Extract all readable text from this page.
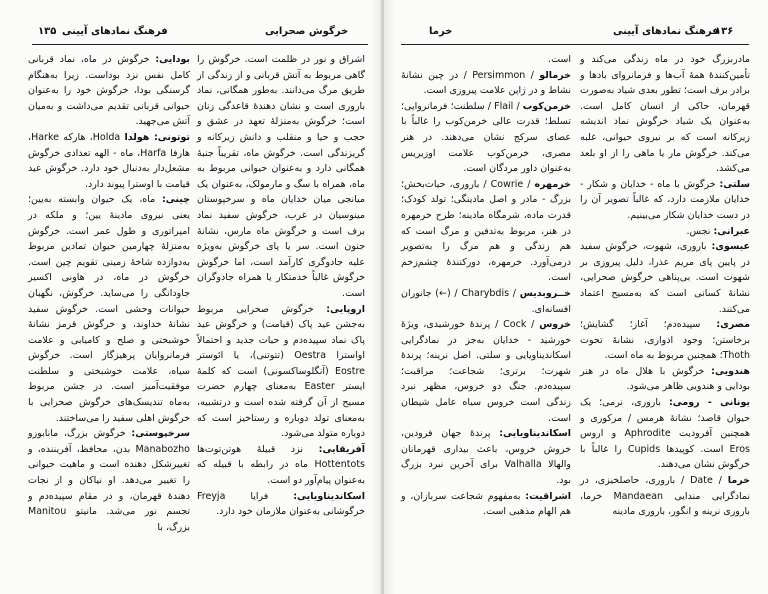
۱۳۵ فرهنگ نمادهای آیینی	خرگوش صحرایی

اشراق و نور در ظلمت است. خرگوش را گاهی مربوط به آتش قربانی و از زندگی از طریق مرگ می‌دانند. به‌طور همگانی، نماد باروری است و نشان دهندهٔ قاعدگی زنان است؛ خرگوش به‌منزلهٔ تعهد در عشق و حجب و حیا و منقلب و دانش زیرکانه و گریزندگی است. خرگوش ماه، تقریباً جنبهٔ همگانی دارد و به‌عنوان حیوانی مربوط به ماه، همراه با سگ و مارمولک، به‌عنوان یک میانجی میان خدایان ماه و سرخپوستان مینوسیان در غرب، خرگوش سفید نماد برف است و خرگوش ماه مارس، نشانهٔ جنون است. سر یا پای خرگوش به‌ویژه علیه جادوگری کارآمد است، اما خرگوش خرگوش غالباً خدمتکار یا همراه جادوگران است.

اروپایی: خرگوش صحرایی مربوط به‌جشن عید پاک (قیامت) و خرگوش عید پاک نماد سپیده‌دم و حیات جدید و احتمالاً اواسترا Oestra (تتوتنی)، یا ائوستر Eostre (آنگلوساکسونی) است که کلمهٔ ایستر Easter به‌معنای چهارم حضرت مسیح از آن گرفته شده است و درتشبیه، به‌معنای تولد دوباره و رستاخیز است که دوباره متولد می‌شود.

آفریقایی: نزد قبیلهٔ هوتن‌توت‌ها Hottentots ماه در رابطه با قبیله که به‌عنوان پیام‌آور دو است.

اسکاندیناویایی: فرایا Freyja خرگوشانی به‌عنوان ملازمان خود دارد.

بودایی: خرگوش در ماه، نماد قربانی کامل نفس نزد بوداست. زیرا به‌هنگام گرسنگی بودا، خرگوش خود را به‌عنوان حیوانی قربانی تقدیم می‌داشت و به‌میان آتش می‌جهید.

توتونی: هولدا Holda، هارکه Harke، هارفا Harfa، ماه - الهه تعدادی خرگوش مشعل‌دار به‌دنبال خود دارد. خرگوش عید قیامت با اوسترا پیوند دارد.

چینی: ماه، یک حیوان وابسته به‌یین؛ یعنی نیروی مادینهٔ یین؛ و ملکه در امپراتوری و طول عمر است. خرگوش به‌منزلهٔ چهارمین حیوان تمادین مربوط به‌دوازده شاخهٔ زمینی تقویم چین است. خرگوش در ماه، در هاونی اکسیر جاودانگی را می‌ساید. خرگوش، نگهبان حیوانات وحشی است. خرگوش سفید نشانهٔ خداوند، و خرگوش قرمز نشانهٔ خوشبختی و صلح و کامیابی و علامت فرمانروایان پرهیزگار است. خرگوش سیاه، علامت خوشبختی و سلطنت موفقیت‌آمیز است. در جشن مربوط به‌ماه تندیسک‌های خرگوش صحرایی با خرگوش اهلی سفید را می‌ساختند.

سرخپوستی: خرگوش بزرگ، مانابوزو Manabozho بدن، محافظ، آفریننده، و تغییرشکل دهنده است و ماهیت حیوانی را تغییر می‌دهد. او نیاکان و از نجات دهندهٔ قهرمان، و در مقام سپیده‌دم و تجسم نور می‌شد. مانیتو Manitou بزرگ، با

خرما	فرهنگ نمادهای آیینی
۱۳۶

مادربزرگ خود در ماه زندگی می‌کند و تأمین‌کنندهٔ همهٔ آب‌ها و فرمانروای بادها و برادر برف است؛ تطور بعدی شیاد به‌صورت قهرمان، حاکی از انسان کامل است. به‌عنوان یک شیاد خرگوش نماد اندیشه زیرکانه است که بر نیروی حیوانی، غلبه می‌کند. خرگوش مار یا ماهی را از او بلعد می‌کشد.

سلتی: خرگوش با ماه - خدایان و شکار - خدایان ملازمت دارد، که غالباً تصویر آن را در دست خدایان شکار می‌بینیم.

عبرانی: نجس.

عیسوی: باروری، شهوت، خرگوش سفید در پایین پای مریم عذرا، دلیل پیروزی بر شهوت است. بی‌پناهی خرگوش صحرایی، نشانهٔ کسانی است که به‌مسیح اعتماد می‌کنند.

مصری: سپیده‌دم؛ آغاز؛ گشایش؛ برخاستن؛ وجود ادواری، نشانهٔ تحوت Thoth؛ همچنین مربوط به ماه است.

هندویی: خرگوش با هلال ماه در هنر بودایی و هندویی ظاهر می‌شود.

یونانی - رومی: باروری، نرمی؛ یک حیوان قاصد؛ نشانهٔ هرمس / مرکوری و همچنین آفرودیت Aphrodite و اروس Eros است. کوپیدها Cupids را غالباً با خرگوش نشان می‌دهند.

خرما / Date / باروری، حاصلخیزی، در نمادگرایی مندایی Mandaean خرما، باروری نرینه و انگور، باروری مادینه

است.

خرمالو / Persimmon / در چین نشانهٔ نشاط و در ژاپن علامت پیروزی است.

خرمن‌کوب / Flail / سلطنت؛ فرمانروایی؛ تسلط؛ قدرت عالی خرمن‌کوب را غالباً با عصای سرکج نشان می‌دهند. در هنر مصری، خرمن‌کوب علامت اوزیریس به‌عنوان داور مردگان است.

خرمهره / Cowrie / باروری، حیات‌بخش؛ بزرگ - مادر و اصل مادینگی؛ تولد کودک؛ قدرت ماده، شرمگاه مادینه؛ طرح خرمهره در هنر، مربوط به‌تدفین و مرگ است که هم زندگی و هم مرگ را به‌تصویر درمی‌آورد. خرمهره، دورکنندهٔ چشم‌زخم است.

خــروبدیس / Charybdis / (←) جانوران افسانه‌ای.

خروس / Cock / پرندهٔ خورشیدی، ویژهٔ خورشید - خدایان به‌جز در نمادگرایی اسکاندیناویایی و سلتی. اصل نرینه؛ پرندهٔ شهرت؛ برتری؛ شجاعت؛ مراقبت؛ سپیده‌دم. جنگ دو خروس، مظهر نبرد زندگی است خروس سیاه عامل شیطان است.

اسکاندیناویایی: پرندهٔ جهان فرودین، خروش خروس، باعث بیداری قهرمانان والهالا Valhalla برای آخرین نبرد بزرگ بود.

اشراقیت: به‌مفهوم شجاعت سربازان، و هم الهام مذهبی است.
